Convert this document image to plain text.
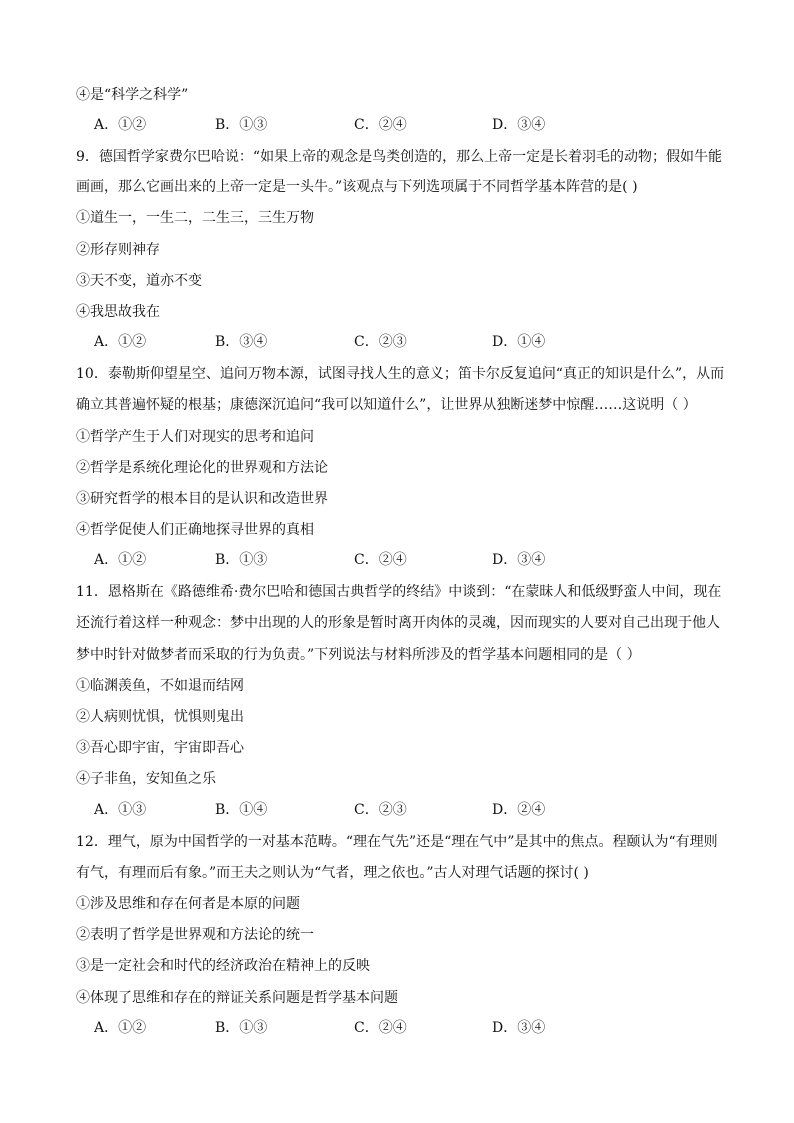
④是“科学之科学”
A．①②	B．①③	C．②④	D．③④
9．德国哲学家费尔巴哈说：“如果上帝的观念是鸟类创造的，那么上帝一定是长着羽毛的动物；假如牛能
画画，那么它画出来的上帝一定是一头牛。”该观点与下列选项属于不同哲学基本阵营的是( )
①道生一，一生二，二生三，三生万物
②形存则神存
③天不变，道亦不变
④我思故我在
A．①②	B．③④	C．②③	D．①④
10．泰勒斯仰望星空、追问万物本源，试图寻找人生的意义；笛卡尔反复追问“真正的知识是什么”，从而
确立其普遍怀疑的根基；康德深沉追问“我可以知道什么”，让世界从独断迷梦中惊醒……这说明（ ）
①哲学产生于人们对现实的思考和追问
②哲学是系统化理论化的世界观和方法论
③研究哲学的根本目的是认识和改造世界
④哲学促使人们正确地探寻世界的真相
A．①②	B．①③	C．②④	D．③④
11．恩格斯在《路德维希·费尔巴哈和德国古典哲学的终结》中谈到：“在蒙昧人和低级野蛮人中间，现在
还流行着这样一种观念：梦中出现的人的形象是暂时离开肉体的灵魂，因而现实的人要对自己出现于他人
梦中时针对做梦者而采取的行为负责。”下列说法与材料所涉及的哲学基本问题相同的是（ ）
①临渊羡鱼，不如退而结网
②人病则忧惧，忧惧则鬼出
③吾心即宇宙，宇宙即吾心
④子非鱼，安知鱼之乐
A．①③	B．①④	C．②③	D．②④
12．理气，原为中国哲学的一对基本范畴。“理在气先”还是“理在气中”是其中的焦点。程颐认为“有理则
有气，有理而后有象。”而王夫之则认为“气者，理之依也。”古人对理气话题的探讨( )
①涉及思维和存在何者是本原的问题
②表明了哲学是世界观和方法论的统一
③是一定社会和时代的经济政治在精神上的反映
④体现了思维和存在的辩证关系问题是哲学基本问题
A．①②	B．①③	C．②④	D．③④
